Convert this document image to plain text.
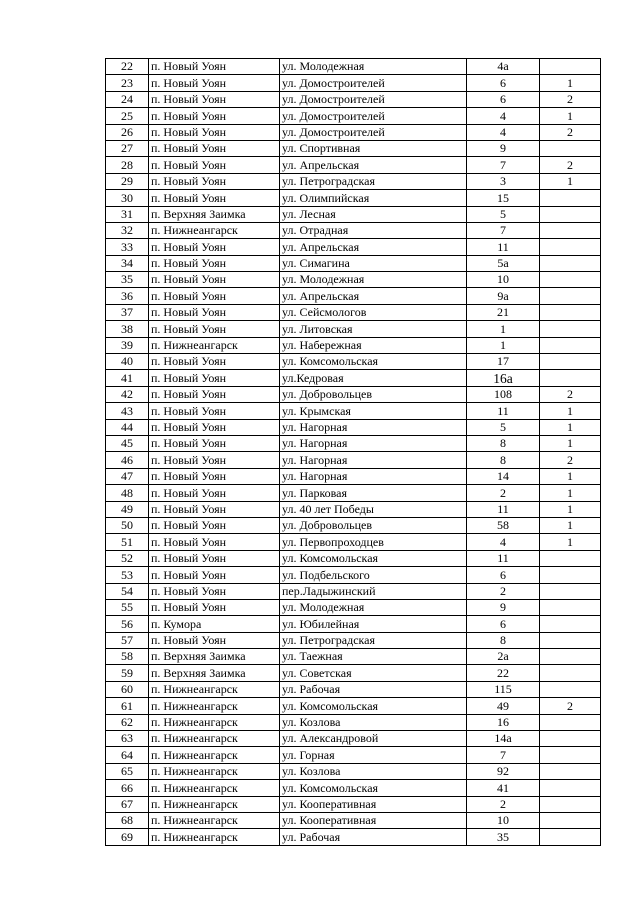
22	п. Новый Уоян	ул. Молодежная	4а	
23	п. Новый Уоян	ул. Домостроителей	6	1
24	п. Новый Уоян	ул. Домостроителей	6	2
25	п. Новый Уоян	ул. Домостроителей	4	1
26	п. Новый Уоян	ул. Домостроителей	4	2
27	п. Новый Уоян	ул. Спортивная	9	
28	п. Новый Уоян	ул. Апрельская	7	2
29	п. Новый Уоян	ул. Петроградская	3	1
30	п. Новый Уоян	ул. Олимпийская	15	
31	п. Верхняя Заимка	ул. Лесная	5	
32	п. Нижнеангарск	ул. Отрадная	7	
33	п. Новый Уоян	ул. Апрельская	11	
34	п. Новый Уоян	ул. Симагина	5а	
35	п. Новый Уоян	ул. Молодежная	10	
36	п. Новый Уоян	ул. Апрельская	9а	
37	п. Новый Уоян	ул. Сейсмологов	21	
38	п. Новый Уоян	ул. Литовская	1	
39	п. Нижнеангарск	ул. Набережная	1	
40	п. Новый Уоян	ул. Комсомольская	17	
41	п. Новый Уоян	ул.Кедровая	16а	
42	п. Новый Уоян	ул. Добровольцев	108	2
43	п. Новый Уоян	ул. Крымская	11	1
44	п. Новый Уоян	ул. Нагорная	5	1
45	п. Новый Уоян	ул. Нагорная	8	1
46	п. Новый Уоян	ул. Нагорная	8	2
47	п. Новый Уоян	ул. Нагорная	14	1
48	п. Новый Уоян	ул. Парковая	2	1
49	п. Новый Уоян	ул. 40 лет Победы	11	1
50	п. Новый Уоян	ул. Добровольцев	58	1
51	п. Новый Уоян	ул. Первопроходцев	4	1
52	п. Новый Уоян	ул. Комсомольская	11	
53	п. Новый Уоян	ул. Подбельского	6	
54	п. Новый Уоян	пер.Ладыжинский	2	
55	п. Новый Уоян	ул. Молодежная	9	
56	п. Кумора	ул. Юбилейная	6	
57	п. Новый Уоян	ул. Петроградская	8	
58	п. Верхняя Заимка	ул. Таежная	2а	
59	п. Верхняя Заимка	ул. Советская	22	
60	п. Нижнеангарск	ул. Рабочая	115	
61	п. Нижнеангарск	ул. Комсомольская	49	2
62	п. Нижнеангарск	ул. Козлова	16	
63	п. Нижнеангарск	ул. Александровой	14а	
64	п. Нижнеангарск	ул. Горная	7	
65	п. Нижнеангарск	ул. Козлова	92	
66	п. Нижнеангарск	ул. Комсомольская	41	
67	п. Нижнеангарск	ул. Кооперативная	2	
68	п. Нижнеангарск	ул. Кооперативная	10	
69	п. Нижнеангарск	ул. Рабочая	35	
